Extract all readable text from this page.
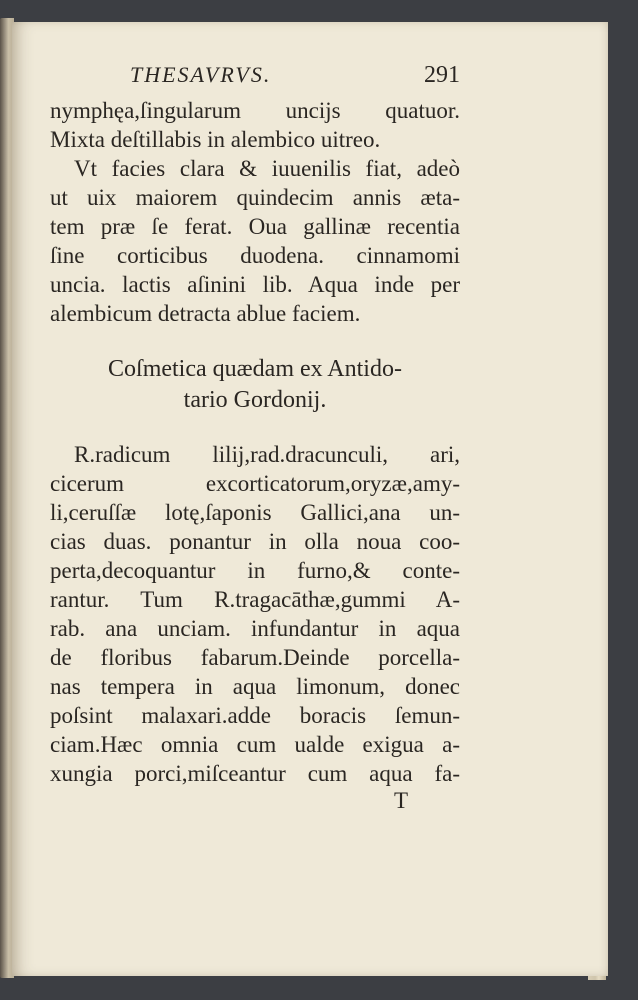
THESAVRVS.	291
nymphęa,ſingularum uncijs quatuor.
Mixta deſtillabis in alembico uitreo.
Vt facies clara & iuuenilis fiat, adeò
ut uix maiorem quindecim annis æta-
tem præ ſe ferat. Oua gallinæ recentia
ſine corticibus duodena. cinnamomi
uncia. lactis aſinini lib. Aqua inde per
alembicum detracta ablue faciem.
Coſmetica quædam ex Antido-
tario Gordonij.
R.radicum lilij,rad.dracunculi, ari,
cicerum excorticatorum,oryzæ,amy-
li,ceruſſæ lotę,ſaponis Gallici,ana un-
cias duas. ponantur in olla noua coo-
perta,decoquantur in furno,& conte-
rantur. Tum R.tragacāthæ,gummi A-
rab. ana unciam. infundantur in aqua
de floribus fabarum.Deinde porcella-
nas tempera in aqua limonum, donec
poſsint malaxari.adde boracis ſemun-
ciam.Hæc omnia cum ualde exigua a-
xungia porci,miſceantur cum aqua fa-
T
